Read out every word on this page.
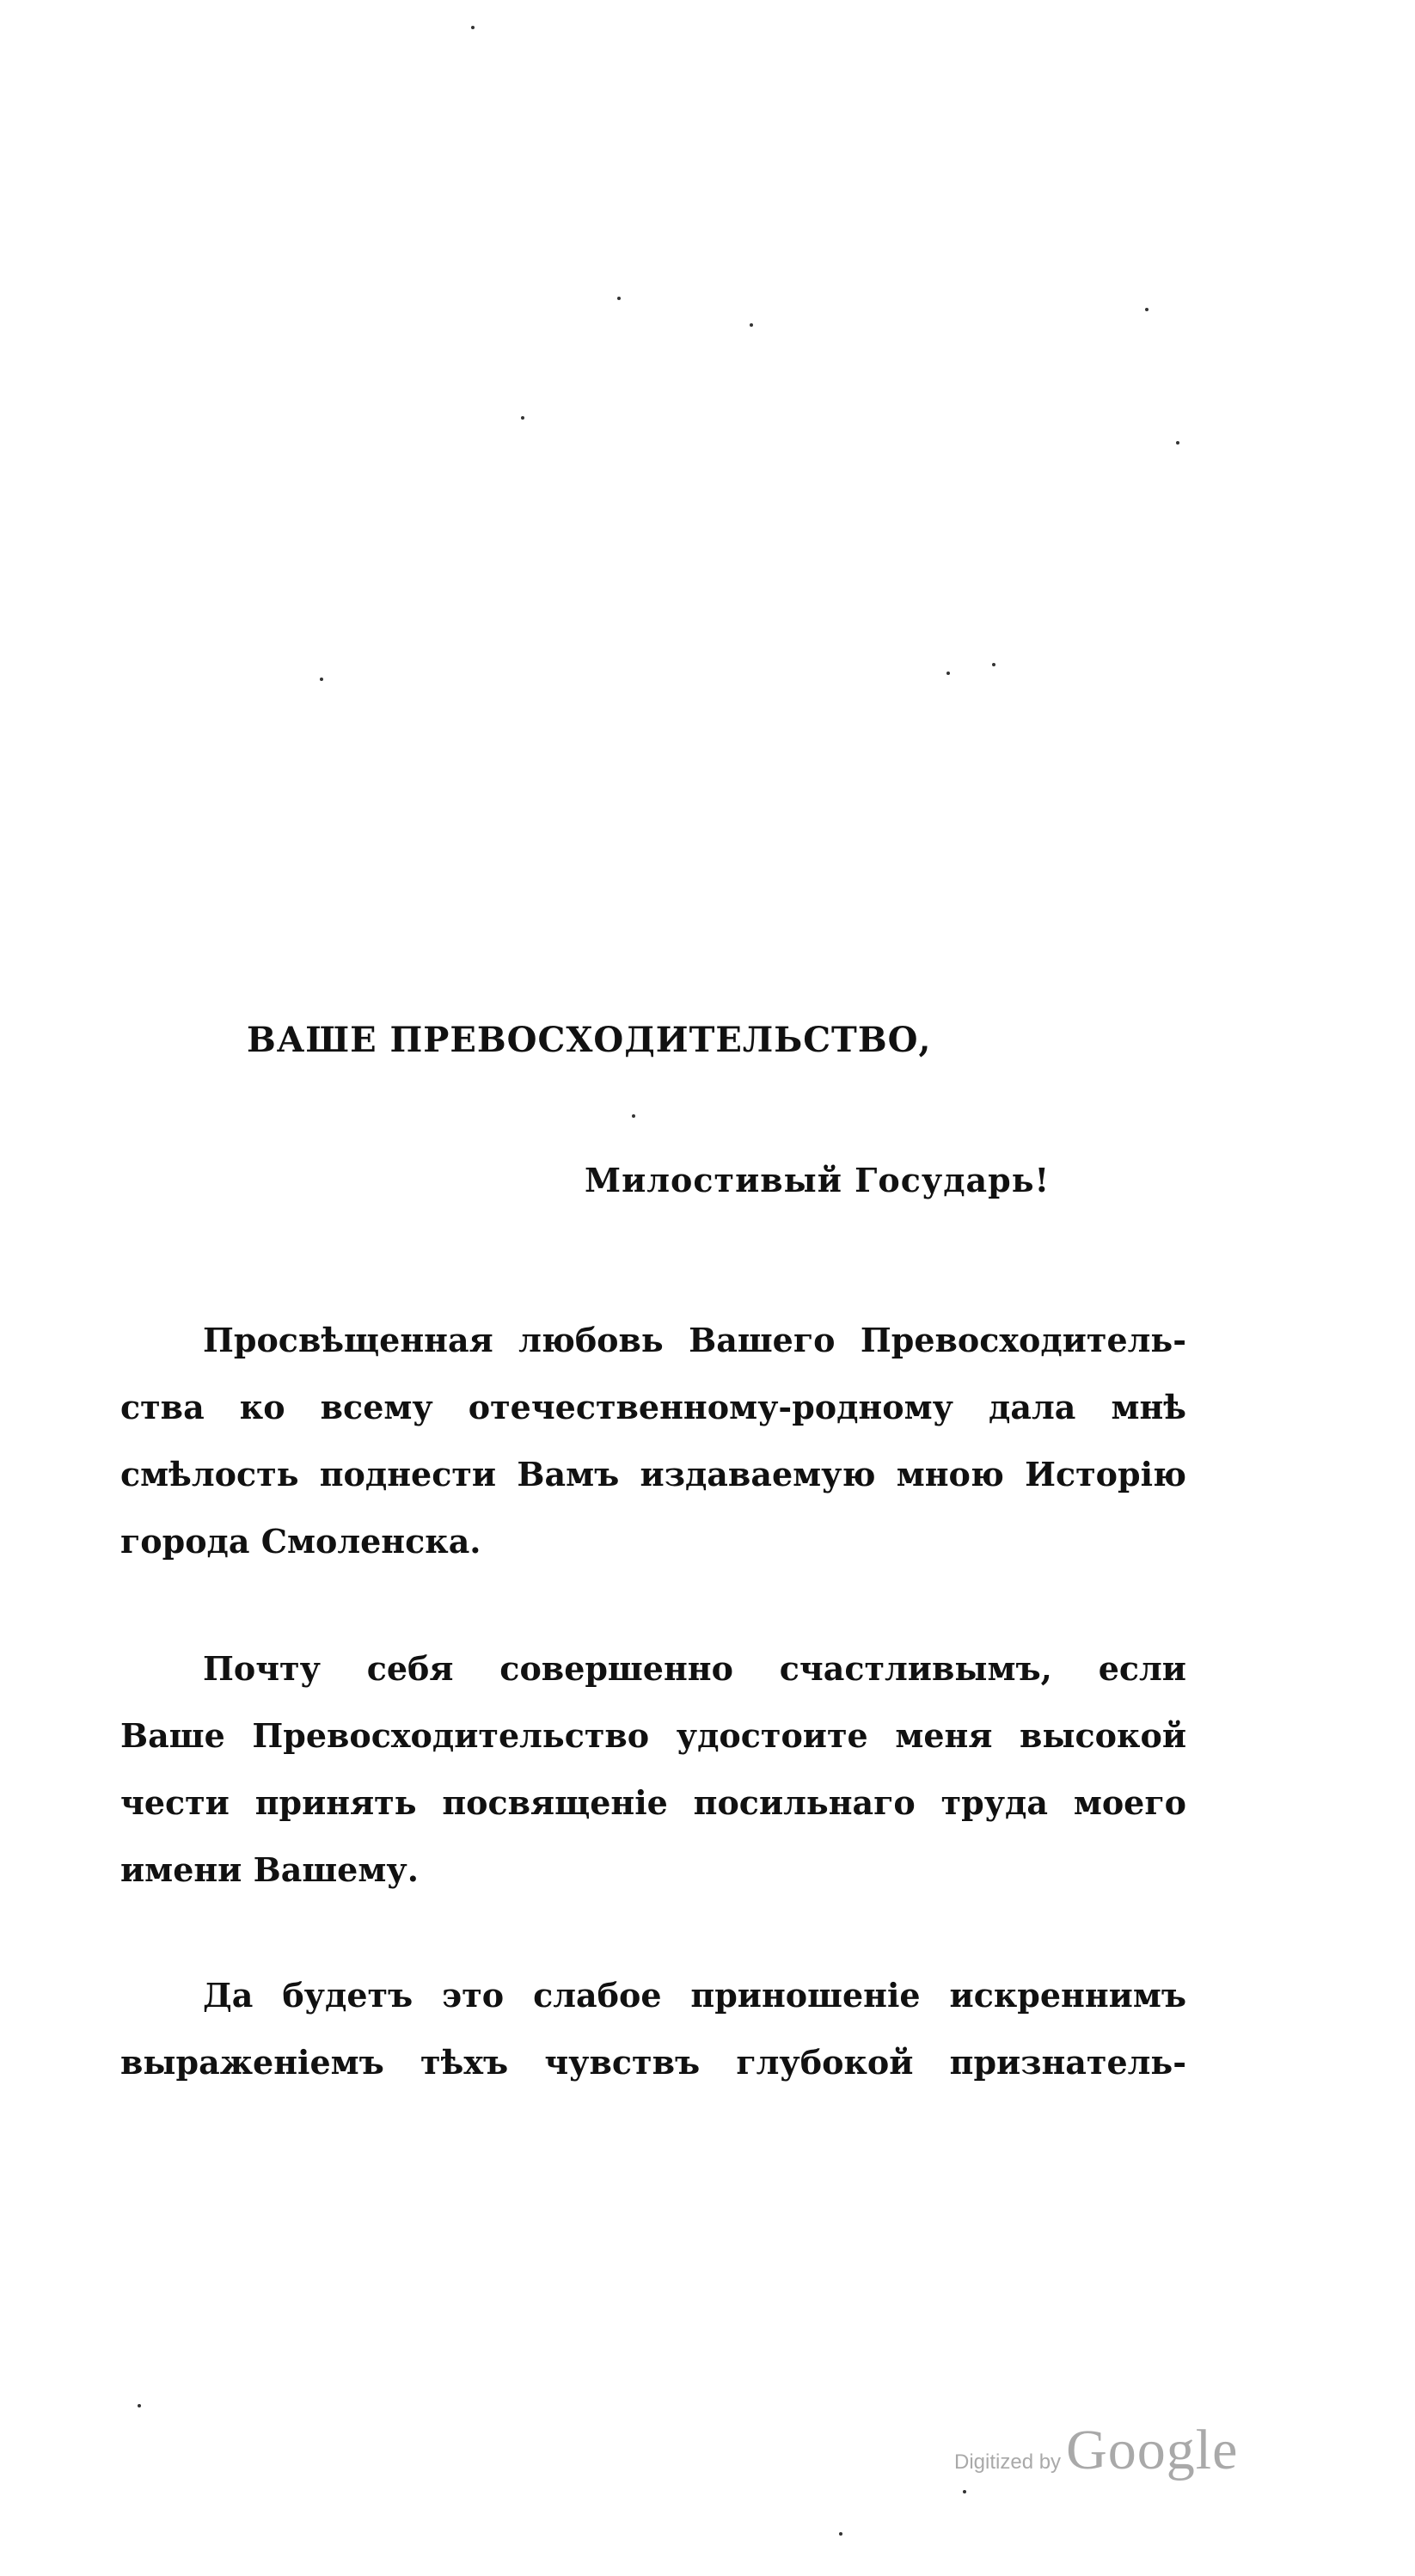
ВАШЕ ПРЕВОСХОДИТЕЛЬСТВО,
Милостивый Государь!
Просвѣщенная любовь Вашего Превосходитель-
ства ко всему отечественному-родному дала мнѣ
смѣлость поднести Вамъ издаваемую мною Исторію
города Смоленска.
Почту себя совершенно счастливымъ, если
Ваше Превосходительство удостоите меня высокой
чести принять посвященіе посильнаго труда моего
имени Вашему.
Да будетъ это слабое приношеніе искреннимъ
выраженіемъ тѣхъ чувствъ глубокой признатель-
Digitized by Google
